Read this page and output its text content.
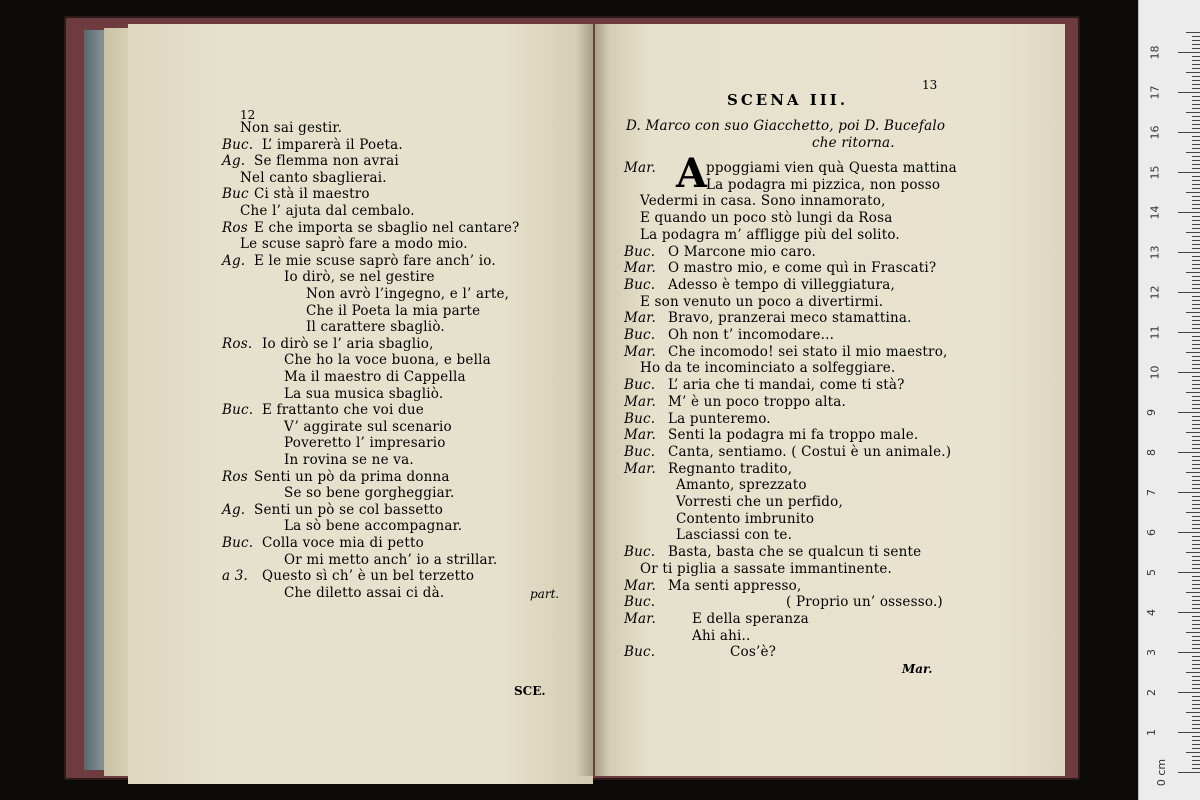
12
Non sai gestir.
Buc. L’ imparerà il Poeta.
Ag. Se flemma non avrai
Nel canto sbaglierai.
Buc Ci stà il maestro
Che l’ ajuta dal cembalo.
Ros E che importa se sbaglio nel cantare?
Le scuse saprò fare a modo mio.
Ag. E le mie scuse saprò fare anch’ io.
Io dirò, se nel gestire
Non avrò l’ingegno, e l’ arte,
Che il Poeta la mia parte
Il carattere sbagliò.
Ros. Io dirò se l’ aria sbaglio,
Che ho la voce buona, e bella
Ma il maestro di Cappella
La sua musica sbagliò.
Buc. E frattanto che voi due
V’ aggirate sul scenario
Poveretto l’ impresario
In rovina se ne va.
Ros Senti un pò da prima donna
Se so bene gorgheggiar.
Ag. Senti un pò se col bassetto
La sò bene accompagnar.
Buc. Colla voce mia di petto
Or mi metto anch’ io a strillar.
a 3. Questo sì ch’ è un bel terzetto
Che diletto assai ci dà.	part.
SCE.
13
SCENA III.
D. Marco con suo Giacchetto, poi D. Bucefalo
che ritorna.
A
Mar.	ppoggiami vien quà Questa mattina
La podagra mi pizzica, non posso
Vedermi in casa. Sono innamorato,
E quando un poco stò lungi da Rosa
La podagra m’ affligge più del solito.
Buc. O Marcone mio caro.
Mar. O mastro mio, e come quì in Frascati?
Buc. Adesso è tempo di villeggiatura,
E son venuto un poco a divertirmi.
Mar. Bravo, pranzerai meco stamattina.
Buc. Oh non t’ incomodare...
Mar. Che incomodo! sei stato il mio maestro,
Ho da te incominciato a solfeggiare.
Buc. L’ aria che ti mandai, come ti stà?
Mar. M’ è un poco troppo alta.
Buc. La punteremo.
Mar. Senti la podagra mi fa troppo male.
Buc. Canta, sentiamo. ( Costui è un animale.)
Mar. Regnanto tradito,
Amanto, sprezzato
Vorresti che un perfido,
Contento imbrunito
Lasciassi con te.
Buc. Basta, basta che se qualcun ti sente
Or ti piglia a sassate immantinente.
Mar. Ma senti appresso,
Buc.	( Proprio un’ ossesso.)
Mar.	E della speranza
Ahi ahi..
Buc.	Cos’è?
Mar.
18
17
16
15
14
13
12
11
10
9
8
7
6
5
4
3
2
1
0 cm
